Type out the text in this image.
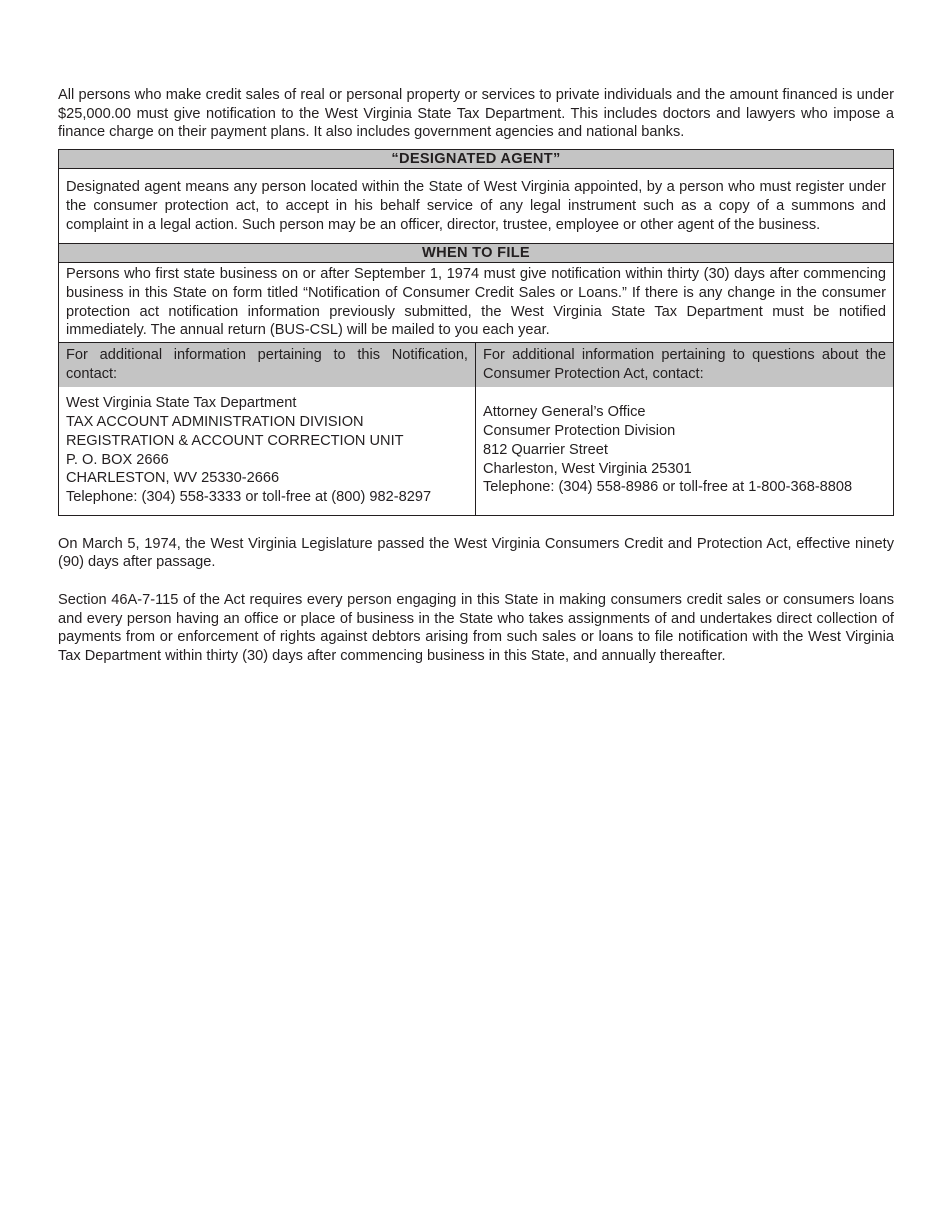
All persons who make credit sales of real or personal property or services to private individuals and the amount financed is under $25,000.00 must give notification to the West Virginia State Tax Department. This includes doctors and lawyers who impose a finance charge on their payment plans. It also includes government agencies and national banks.

“DESIGNATED AGENT”
Designated agent means any person located within the State of West Virginia appointed, by a person who must register under the consumer protection act, to accept in his behalf service of any legal instrument such as a copy of a summons and complaint in a legal action. Such person may be an officer, director, trustee, employee or other agent of the business.
WHEN TO FILE
Persons who first state business on or after September 1, 1974 must give notification within thirty (30) days after commencing business in this State on form titled “Notification of Consumer Credit Sales or Loans.” If there is any change in the consumer protection act notification information previously submitted, the West Virginia State Tax Department must be notified immediately. The annual return (BUS-CSL) will be mailed to you each year.
For additional information pertaining to this Notification, contact:
West Virginia State Tax Department
TAX ACCOUNT ADMINISTRATION DIVISION
REGISTRATION & ACCOUNT CORRECTION UNIT
P. O. BOX 2666
CHARLESTON, WV 25330-2666
Telephone: (304) 558-3333 or toll-free at (800) 982-8297
For additional information pertaining to questions about the Consumer Protection Act, contact:
Attorney General’s Office
Consumer Protection Division
812 Quarrier Street
Charleston, West Virginia 25301
Telephone: (304) 558-8986 or toll-free at 1-800-368-8808

On March 5, 1974, the West Virginia Legislature passed the West Virginia Consumers Credit and Protection Act, effective ninety (90) days after passage.

Section 46A-7-115 of the Act requires every person engaging in this State in making consumers credit sales or consumers loans and every person having an office or place of business in the State who takes assignments of and undertakes direct collection of payments from or enforcement of rights against debtors arising from such sales or loans to file notification with the West Virginia Tax Department within thirty (30) days after commencing business in this State, and annually thereafter.
